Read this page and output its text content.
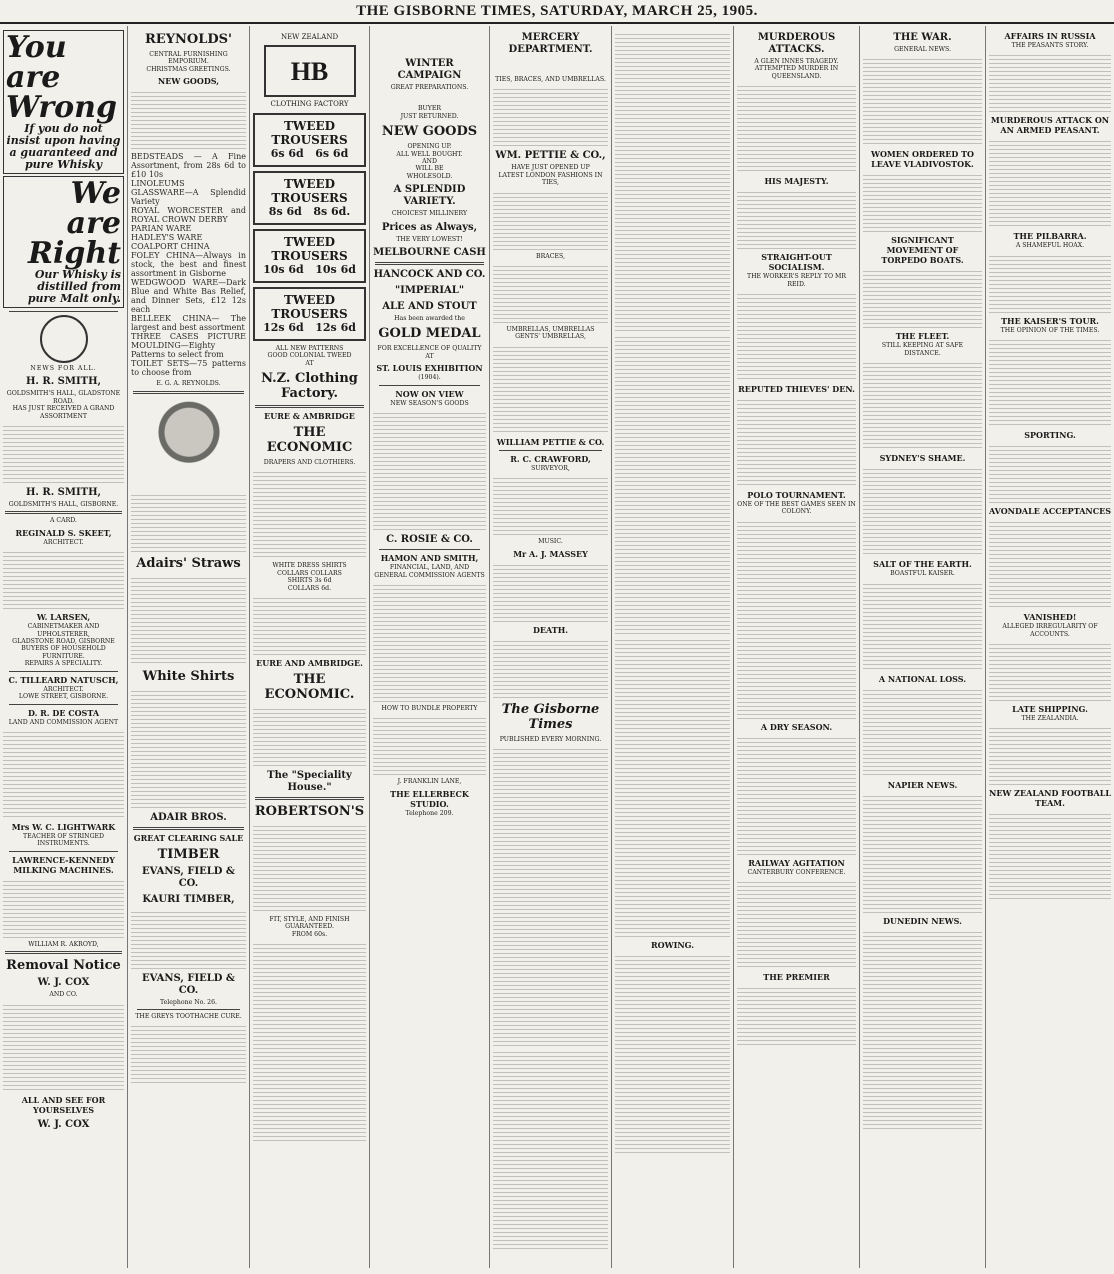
THE GISBORNE TIMES, SATURDAY, MARCH 25, 1905.
You are
Wrong
If you do not insist upon having a guaranteed and pure Whisky
We are
Right
Our Whisky is distilled from pure Malt only.
NEWS FOR ALL.
H. R. SMITH,
GOLDSMITH'S HALL, GLADSTONE ROAD.
HAS JUST RECEIVED A GRAND ASSORTMENT
H. R. SMITH,
GOLDSMITH'S HALL, GISBORNE.
A CARD.
REGINALD S. SKEET,
ARCHITECT.
W. LARSEN,
CABINETMAKER AND UPHOLSTERER,
GLADSTONE ROAD, GISBORNE
BUYERS OF HOUSEHOLD FURNITURE.
REPAIRS A SPECIALITY.
C. TILLEARD NATUSCH,
ARCHITECT.
LOWE STREET, GISBORNE.
D. R. DE COSTA
LAND AND COMMISSION AGENT
Mrs W. C. LIGHTWARK
TEACHER OF STRINGED INSTRUMENTS.
LAWRENCE-KENNEDY MILKING MACHINES.
WILLIAM R. AKROYD,
Removal Notice
W. J. COX
AND CO.
ALL AND SEE FOR YOURSELVES
W. J. COX
REYNOLDS'
CENTRAL FURNISHING EMPORIUM.
CHRISTMAS GREETINGS.
NEW GOODS,
BEDSTEADS — A Fine Assortment, from 28s 6d to £10 10s
LINOLEUMS
GLASSWARE—A Splendid Variety
ROYAL WORCESTER and ROYAL CROWN DERBY
PARIAN WARE
HADLEY'S WARE
COALPORT CHINA
FOLEY CHINA—Always in stock, the best and finest assortment in Gisborne
WEDGWOOD WARE—Dark Blue and White Bas Relief, and Dinner Sets, £12 12s each
BELLEEK CHINA— The largest and best assortment
THREE CASES PICTURE MOULDING—Eighty Patterns to select from
TOILET SETS—75 patterns to choose from
E. G. A. REYNOLDS.
Adairs' Straws
White Shirts
ADAIR BROS.
GREAT CLEARING SALE
TIMBER
EVANS, FIELD & CO.
KAURI TIMBER,
EVANS, FIELD & CO.
Telephone No. 26.
THE GREYS TOOTHACHE CURE.
NEW ZEALAND
HB
CLOTHING FACTORY
TWEED TROUSERS
6s 6d 6s 6d
TWEED TROUSERS
8s 6d 8s 6d.
TWEED TROUSERS
10s 6d 10s 6d
TWEED TROUSERS
12s 6d 12s 6d
ALL NEW PATTERNS
GOOD COLONIAL TWEED
AT
N.Z. Clothing Factory.
EURE & AMBRIDGE
THE ECONOMIC
DRAPERS AND CLOTHIERS.
WHITE DRESS SHIRTS
COLLARS COLLARS
SHIRTS 3s 6d
COLLARS 6d.
EURE AND AMBRIDGE.
THE ECONOMIC.
The "Speciality House."
ROBERTSON'S
FIT, STYLE, AND FINISH
GUARANTEED.
FROM 60s.
WINTER CAMPAIGN
GREAT PREPARATIONS.
BUYER
JUST RETURNED.
NEW GOODS
OPENING UP.
ALL WELL BOUGHT.
AND
WILL BE
WHOLESOLD.
A SPLENDID VARIETY.
CHOICEST MILLINERY
Prices as Always,
THE VERY LOWEST!
MELBOURNE CASH
HANCOCK AND CO.
"IMPERIAL"
ALE AND STOUT
Has been awarded the
GOLD MEDAL
FOR EXCELLENCE OF QUALITY
AT
ST. LOUIS EXHIBITION
(1904).
NOW ON VIEW
NEW SEASON'S GOODS
C. ROSIE & CO.
HAMON AND SMITH,
FINANCIAL, LAND, AND GENERAL COMMISSION AGENTS
HOW TO BUNDLE PROPERTY
J. FRANKLIN LANE,
THE ELLERBECK STUDIO.
Telephone 209.
MERCERY DEPARTMENT.
TIES, BRACES, AND UMBRELLAS.
WM. PETTIE & CO.,
HAVE JUST OPENED UP
LATEST LONDON FASHIONS IN TIES,
BRACES,
UMBRELLAS, UMBRELLAS
GENTS' UMBRELLAS,
WILLIAM PETTIE & CO.
R. C. CRAWFORD,
SURVEYOR,
MUSIC.
Mr A. J. MASSEY
DEATH.
The Gisborne Times
PUBLISHED EVERY MORNING.
ROWING.
MURDEROUS ATTACKS.
A GLEN INNES TRAGEDY.
ATTEMPTED MURDER IN QUEENSLAND.
HIS MAJESTY.
STRAIGHT-OUT SOCIALISM.
THE WORKER'S REPLY TO MR REID.
REPUTED THIEVES' DEN.
POLO TOURNAMENT.
ONE OF THE BEST GAMES SEEN IN COLONY.
A DRY SEASON.
RAILWAY AGITATION
CANTERBURY CONFERENCE.
THE PREMIER
THE WAR.
GENERAL NEWS.
WOMEN ORDERED TO LEAVE VLADIVOSTOK.
SIGNIFICANT MOVEMENT OF TORPEDO BOATS.
THE FLEET.
STILL KEEPING AT SAFE DISTANCE.
SYDNEY'S SHAME.
SALT OF THE EARTH.
BOASTFUL KAISER.
A NATIONAL LOSS.
NAPIER NEWS.
DUNEDIN NEWS.
AFFAIRS IN RUSSIA
THE PEASANTS STORY.
MURDEROUS ATTACK ON AN ARMED PEASANT.
THE PILBARRA.
A SHAMEFUL HOAX.
THE KAISER'S TOUR.
THE OPINION OF THE TIMES.
SPORTING.
AVONDALE ACCEPTANCES
VANISHED!
ALLEGED IRREGULARITY OF ACCOUNTS.
LATE SHIPPING.
THE ZEALANDIA.
NEW ZEALAND FOOTBALL TEAM.
